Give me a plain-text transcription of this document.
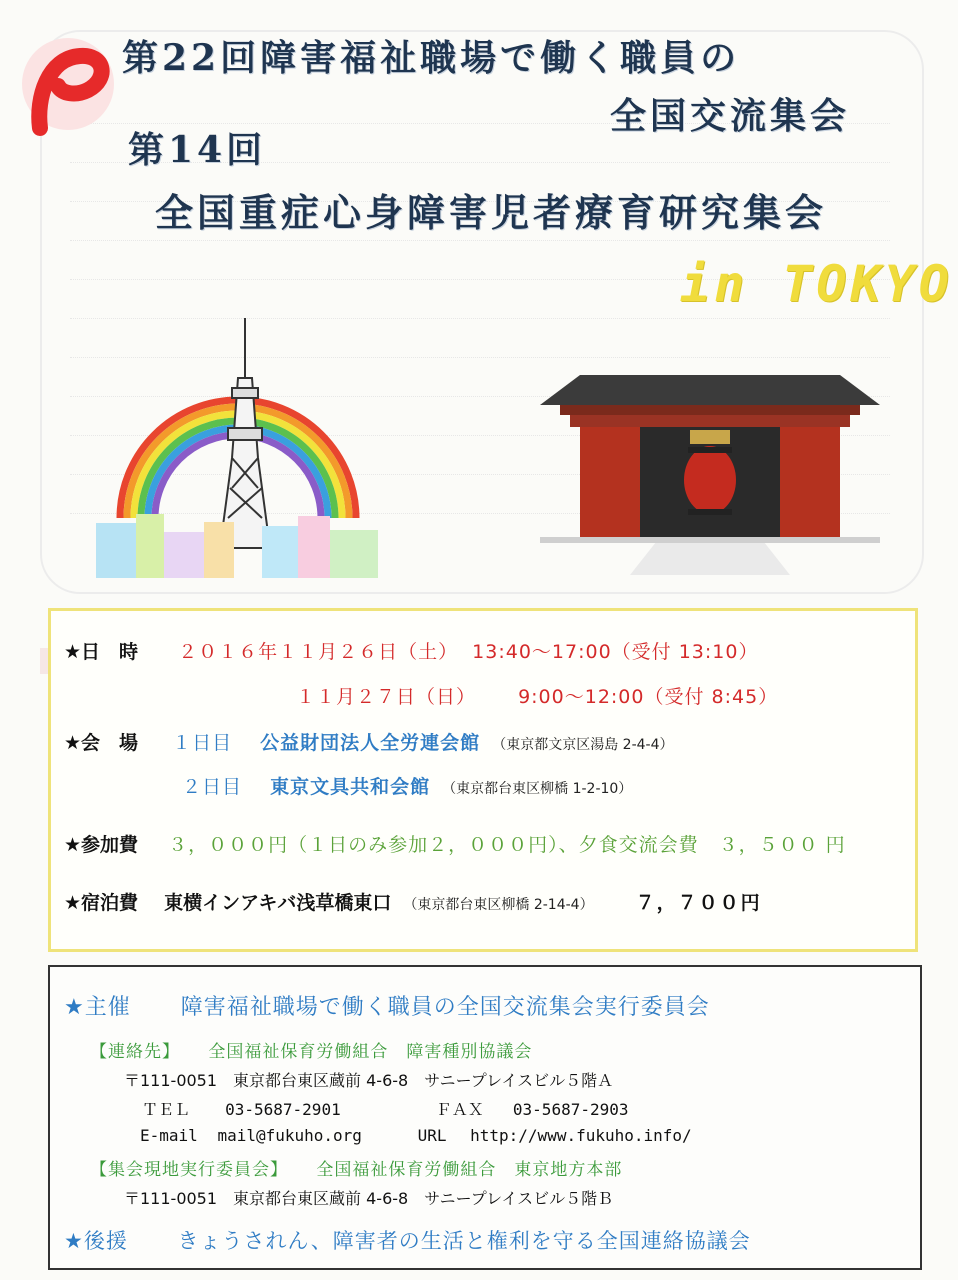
第22回障害福祉職場で働く職員の
全国交流集会
第14回
全国重症心身障害児者療育研究集会
in TOKYO
★日　時 ２０１６年１１月２６日（土） 13:40～17:00（受付 13:10）
１１月２７日（日） 9:00～12:00（受付 8:45）
★会　場 １日目 公益財団法人全労連会館 （東京都文京区湯島 2-4-4）
２日目 東京文具共和会館 （東京都台東区柳橋 1-2-10）
★参加費 ３，０００円（１日のみ参加２，０００円）、夕食交流会費　３，５００ 円
★宿泊費 東横インアキバ浅草橋東口 （東京都台東区柳橋 2-14-4） ７，７００円
★主催 障害福祉職場で働く職員の全国交流集会実行委員会
【連絡先】 全国福祉保育労働組合　障害種別協議会
〒111-0051　東京都台東区蔵前 4-6-8　サニープレイスビル５階Ａ
ＴＥＬ 03-5687-2901	ＦＡＸ 03-5687-2903
E-mail mail@fukuho.org	URL http://www.fukuho.info/
【集会現地実行委員会】 全国福祉保育労働組合　東京地方本部
〒111-0051　東京都台東区蔵前 4-6-8　サニープレイスビル５階Ｂ
★後援 きょうされん、障害者の生活と権利を守る全国連絡協議会
